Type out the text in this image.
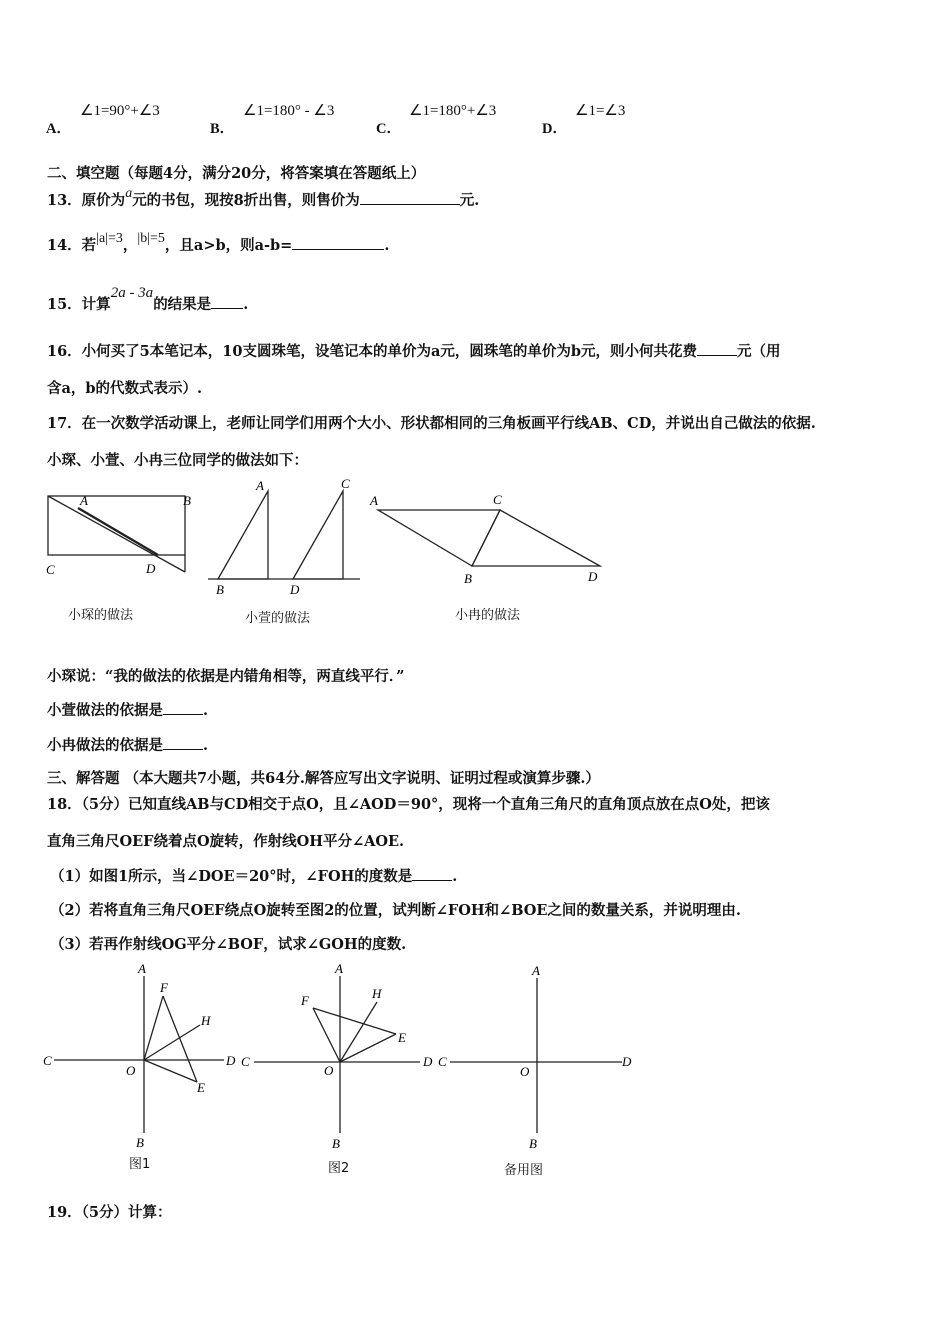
A．
∠1=90°+∠3
B．
∠1=180° - ∠3
C．
∠1=180°+∠3
D．
∠1=∠3
二、填空题（每题4分，满分20分，将答案填在答题纸上）
13．原价为a元的书包，现按8折出售，则售价为	元.
14．若|a|=3，|b|=5，且a>b，则a-b=	.
15．计算2a - 3a的结果是 .
16．小何买了5本笔记本，10支圆珠笔，设笔记本的单价为a元，圆珠笔的单价为b元，则小何共花费	元（用
含a，b的代数式表示）.
17．在一次数学活动课上，老师让同学们用两个大小、形状都相同的三角板画平行线AB、CD，并说出自己做法的依据.
小琛、小萱、小冉三位同学的做法如下：
A	B
C	D
A	C
B	D
A	C
B	D
小琛的做法	小萱的做法	小冉的做法
小琛说：“我的做法的依据是内错角相等，两直线平行．”
小萱做法的依据是	.
小冉做法的依据是	.
三、解答题 （本大题共7小题，共64分.解答应写出文字说明、证明过程或演算步骤.）
18．（5分）已知直线AB与CD相交于点O，且∠AOD＝90°，现将一个直角三角尺的直角顶点放在点O处，把该
直角三角尺OEF绕着点O旋转，作射线OH平分∠AOE.
（1）如图1所示，当∠DOE＝20°时，∠FOH的度数是	.
（2）若将直角三角尺OEF绕点O旋转至图2的位置，试判断∠FOH和∠BOE之间的数量关系，并说明理由.
（3）若再作射线OG平分∠BOF，试求∠GOH的度数.
A
F
H
C
O
D
E
B
A
H
F
E
C
O
D
B
A
C
O
D
B
图1	图2	备用图
19．（5分）计算：
